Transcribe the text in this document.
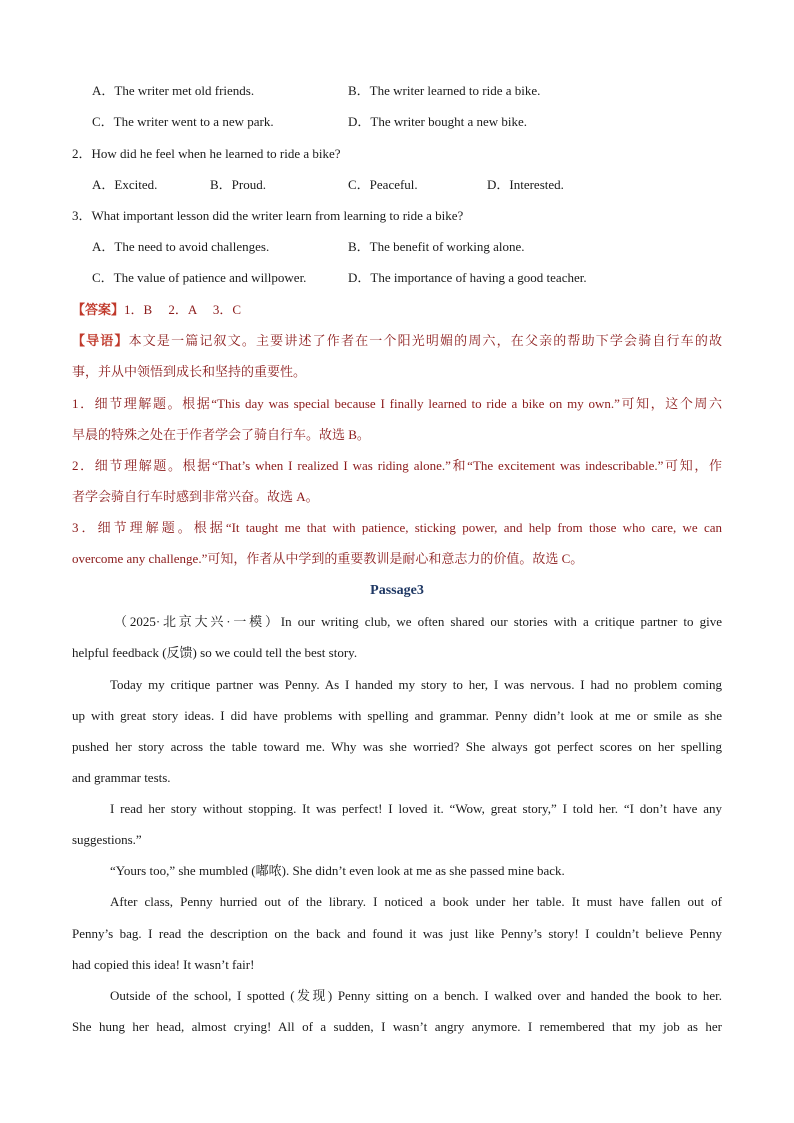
A．The writer met old friends.	B．The writer learned to ride a bike.
C．The writer went to a new park.	D．The writer bought a new bike.
2．How did he feel when he learned to ride a bike?
A．Excited.	B．Proud.	C．Peaceful.	D．Interested.
3．What important lesson did the writer learn from learning to ride a bike?
A．The need to avoid challenges.	B．The benefit of working alone.
C．The value of patience and willpower.	D．The importance of having a good teacher.
【答案】1．B     2．A     3．C
【导语】本文是一篇记叙文。主要讲述了作者在一个阳光明媚的周六，在父亲的帮助下学会骑自行车的故
事，并从中领悟到成长和坚持的重要性。
1．细节理解题。根据“This day was special because I finally learned to ride a bike on my own.”可知，这个周六
早晨的特殊之处在于作者学会了骑自行车。故选 B。
2．细节理解题。根据“That’s when I realized I was riding alone.”和“The excitement was indescribable.”可知，作
者学会骑自行车时感到非常兴奋。故选 A。
3．细节理解题。根据“It taught me that with patience, sticking power, and help from those who care, we can
overcome any challenge.”可知，作者从中学到的重要教训是耐心和意志力的价值。故选 C。
Passage3
（2025·北京大兴·一模）In our writing club, we often shared our stories with a critique partner to give
helpful feedback (反馈) so we could tell the best story.
Today my critique partner was Penny. As I handed my story to her, I was nervous. I had no problem coming
up with great story ideas. I did have problems with spelling and grammar. Penny didn’t look at me or smile as she
pushed her story across the table toward me. Why was she worried? She always got perfect scores on her spelling
and grammar tests.
I read her story without stopping. It was perfect! I loved it. “Wow, great story,” I told her. “I don’t have any
suggestions.”
“Yours too,” she mumbled (嘟哝). She didn’t even look at me as she passed mine back.
After class, Penny hurried out of the library. I noticed a book under her table. It must have fallen out of
Penny’s bag. I read the description on the back and found it was just like Penny’s story! I couldn’t believe Penny
had copied this idea! It wasn’t fair!
Outside of the school, I spotted (发现) Penny sitting on a bench. I walked over and handed the book to her.
She hung her head, almost crying! All of a sudden, I wasn’t angry anymore. I remembered that my job as her
